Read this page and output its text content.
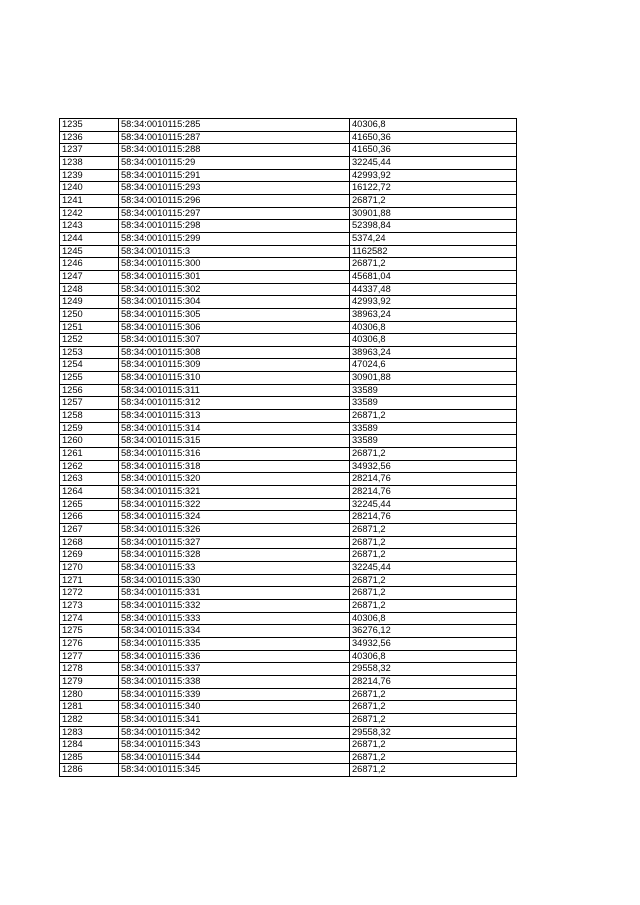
1235	58:34:0010115:285	40306,8
1236	58:34:0010115:287	41650,36
1237	58:34:0010115:288	41650,36
1238	58:34:0010115:29	32245,44
1239	58:34:0010115:291	42993,92
1240	58:34:0010115:293	16122,72
1241	58:34:0010115:296	26871,2
1242	58:34:0010115:297	30901,88
1243	58:34:0010115:298	52398,84
1244	58:34:0010115:299	5374,24
1245	58:34:0010115:3	1162582
1246	58:34:0010115:300	26871,2
1247	58:34:0010115:301	45681,04
1248	58:34:0010115:302	44337,48
1249	58:34:0010115:304	42993,92
1250	58:34:0010115:305	38963,24
1251	58:34:0010115:306	40306,8
1252	58:34:0010115:307	40306,8
1253	58:34:0010115:308	38963,24
1254	58:34:0010115:309	47024,6
1255	58:34:0010115:310	30901,88
1256	58:34:0010115:311	33589
1257	58:34:0010115:312	33589
1258	58:34:0010115:313	26871,2
1259	58:34:0010115:314	33589
1260	58:34:0010115:315	33589
1261	58:34:0010115:316	26871,2
1262	58:34:0010115:318	34932,56
1263	58:34:0010115:320	28214,76
1264	58:34:0010115:321	28214,76
1265	58:34:0010115:322	32245,44
1266	58:34:0010115:324	28214,76
1267	58:34:0010115:326	26871,2
1268	58:34:0010115:327	26871,2
1269	58:34:0010115:328	26871,2
1270	58:34:0010115:33	32245,44
1271	58:34:0010115:330	26871,2
1272	58:34:0010115:331	26871,2
1273	58:34:0010115:332	26871,2
1274	58:34:0010115:333	40306,8
1275	58:34:0010115:334	36276,12
1276	58:34:0010115:335	34932,56
1277	58:34:0010115:336	40306,8
1278	58:34:0010115:337	29558,32
1279	58:34:0010115:338	28214,76
1280	58:34:0010115:339	26871,2
1281	58:34:0010115:340	26871,2
1282	58:34:0010115:341	26871,2
1283	58:34:0010115:342	29558,32
1284	58:34:0010115:343	26871,2
1285	58:34:0010115:344	26871,2
1286	58:34:0010115:345	26871,2
